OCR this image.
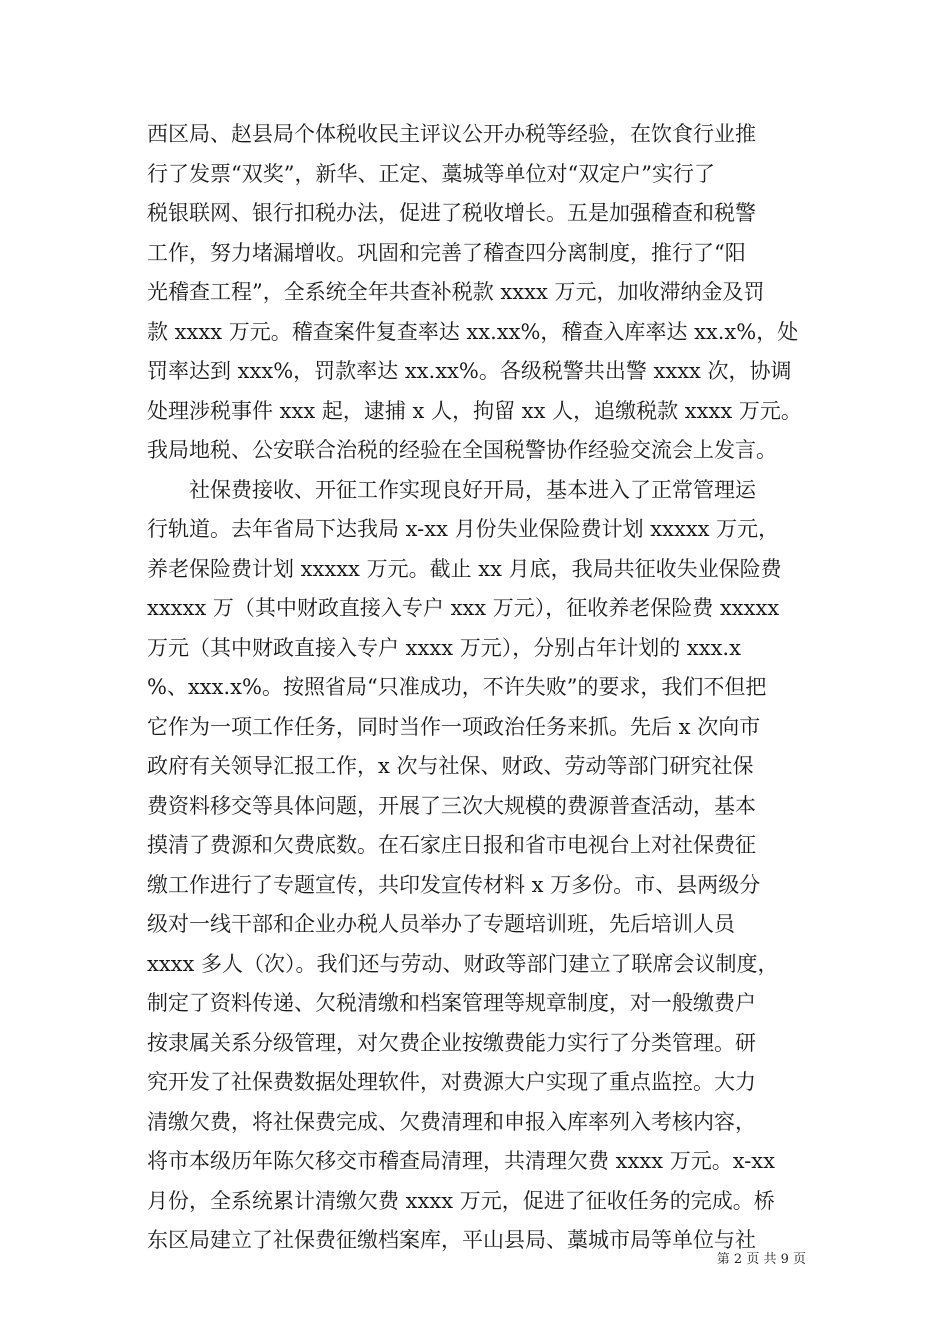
西区局、赵县局个体税收民主评议公开办税等经验，在饮食行业推
行了发票“双奖”，新华、正定、藁城等单位对“双定户”实行了
税银联网、银行扣税办法，促进了税收增长。五是加强稽查和税警
工作，努力堵漏增收。巩固和完善了稽查四分离制度，推行了“阳
光稽查工程”，全系统全年共查补税款 xxxx 万元，加收滞纳金及罚
款 xxxx 万元。稽查案件复查率达 xx.xx%，稽查入库率达 xx.x%，处
罚率达到 xxx%，罚款率达 xx.xx%。各级税警共出警 xxxx 次，协调
处理涉税事件 xxx 起，逮捕 x 人，拘留 xx 人，追缴税款 xxxx 万元。
我局地税、公安联合治税的经验在全国税警协作经验交流会上发言。
社保费接收、开征工作实现良好开局，基本进入了正常管理运
行轨道。去年省局下达我局 x-xx 月份失业保险费计划 xxxxx 万元，
养老保险费计划 xxxxx 万元。截止 xx 月底，我局共征收失业保险费
xxxxx 万（其中财政直接入专户 xxx 万元），征收养老保险费 xxxxx
万元（其中财政直接入专户 xxxx 万元），分别占年计划的 xxx.x
%、xxx.x%。按照省局“只准成功，不许失败”的要求，我们不但把
它作为一项工作任务，同时当作一项政治任务来抓。先后 x 次向市
政府有关领导汇报工作，x 次与社保、财政、劳动等部门研究社保
费资料移交等具体问题，开展了三次大规模的费源普查活动，基本
摸清了费源和欠费底数。在石家庄日报和省市电视台上对社保费征
缴工作进行了专题宣传，共印发宣传材料 x 万多份。市、县两级分
级对一线干部和企业办税人员举办了专题培训班，先后培训人员
xxxx 多人（次）。我们还与劳动、财政等部门建立了联席会议制度，
制定了资料传递、欠税清缴和档案管理等规章制度，对一般缴费户
按隶属关系分级管理，对欠费企业按缴费能力实行了分类管理。研
究开发了社保费数据处理软件，对费源大户实现了重点监控。大力
清缴欠费，将社保费完成、欠费清理和申报入库率列入考核内容，
将市本级历年陈欠移交市稽查局清理，共清理欠费 xxxx 万元。x-xx
月份，全系统累计清缴欠费 xxxx 万元，促进了征收任务的完成。桥
东区局建立了社保费征缴档案库，平山县局、藁城市局等单位与社
第 2 页 共 9 页
